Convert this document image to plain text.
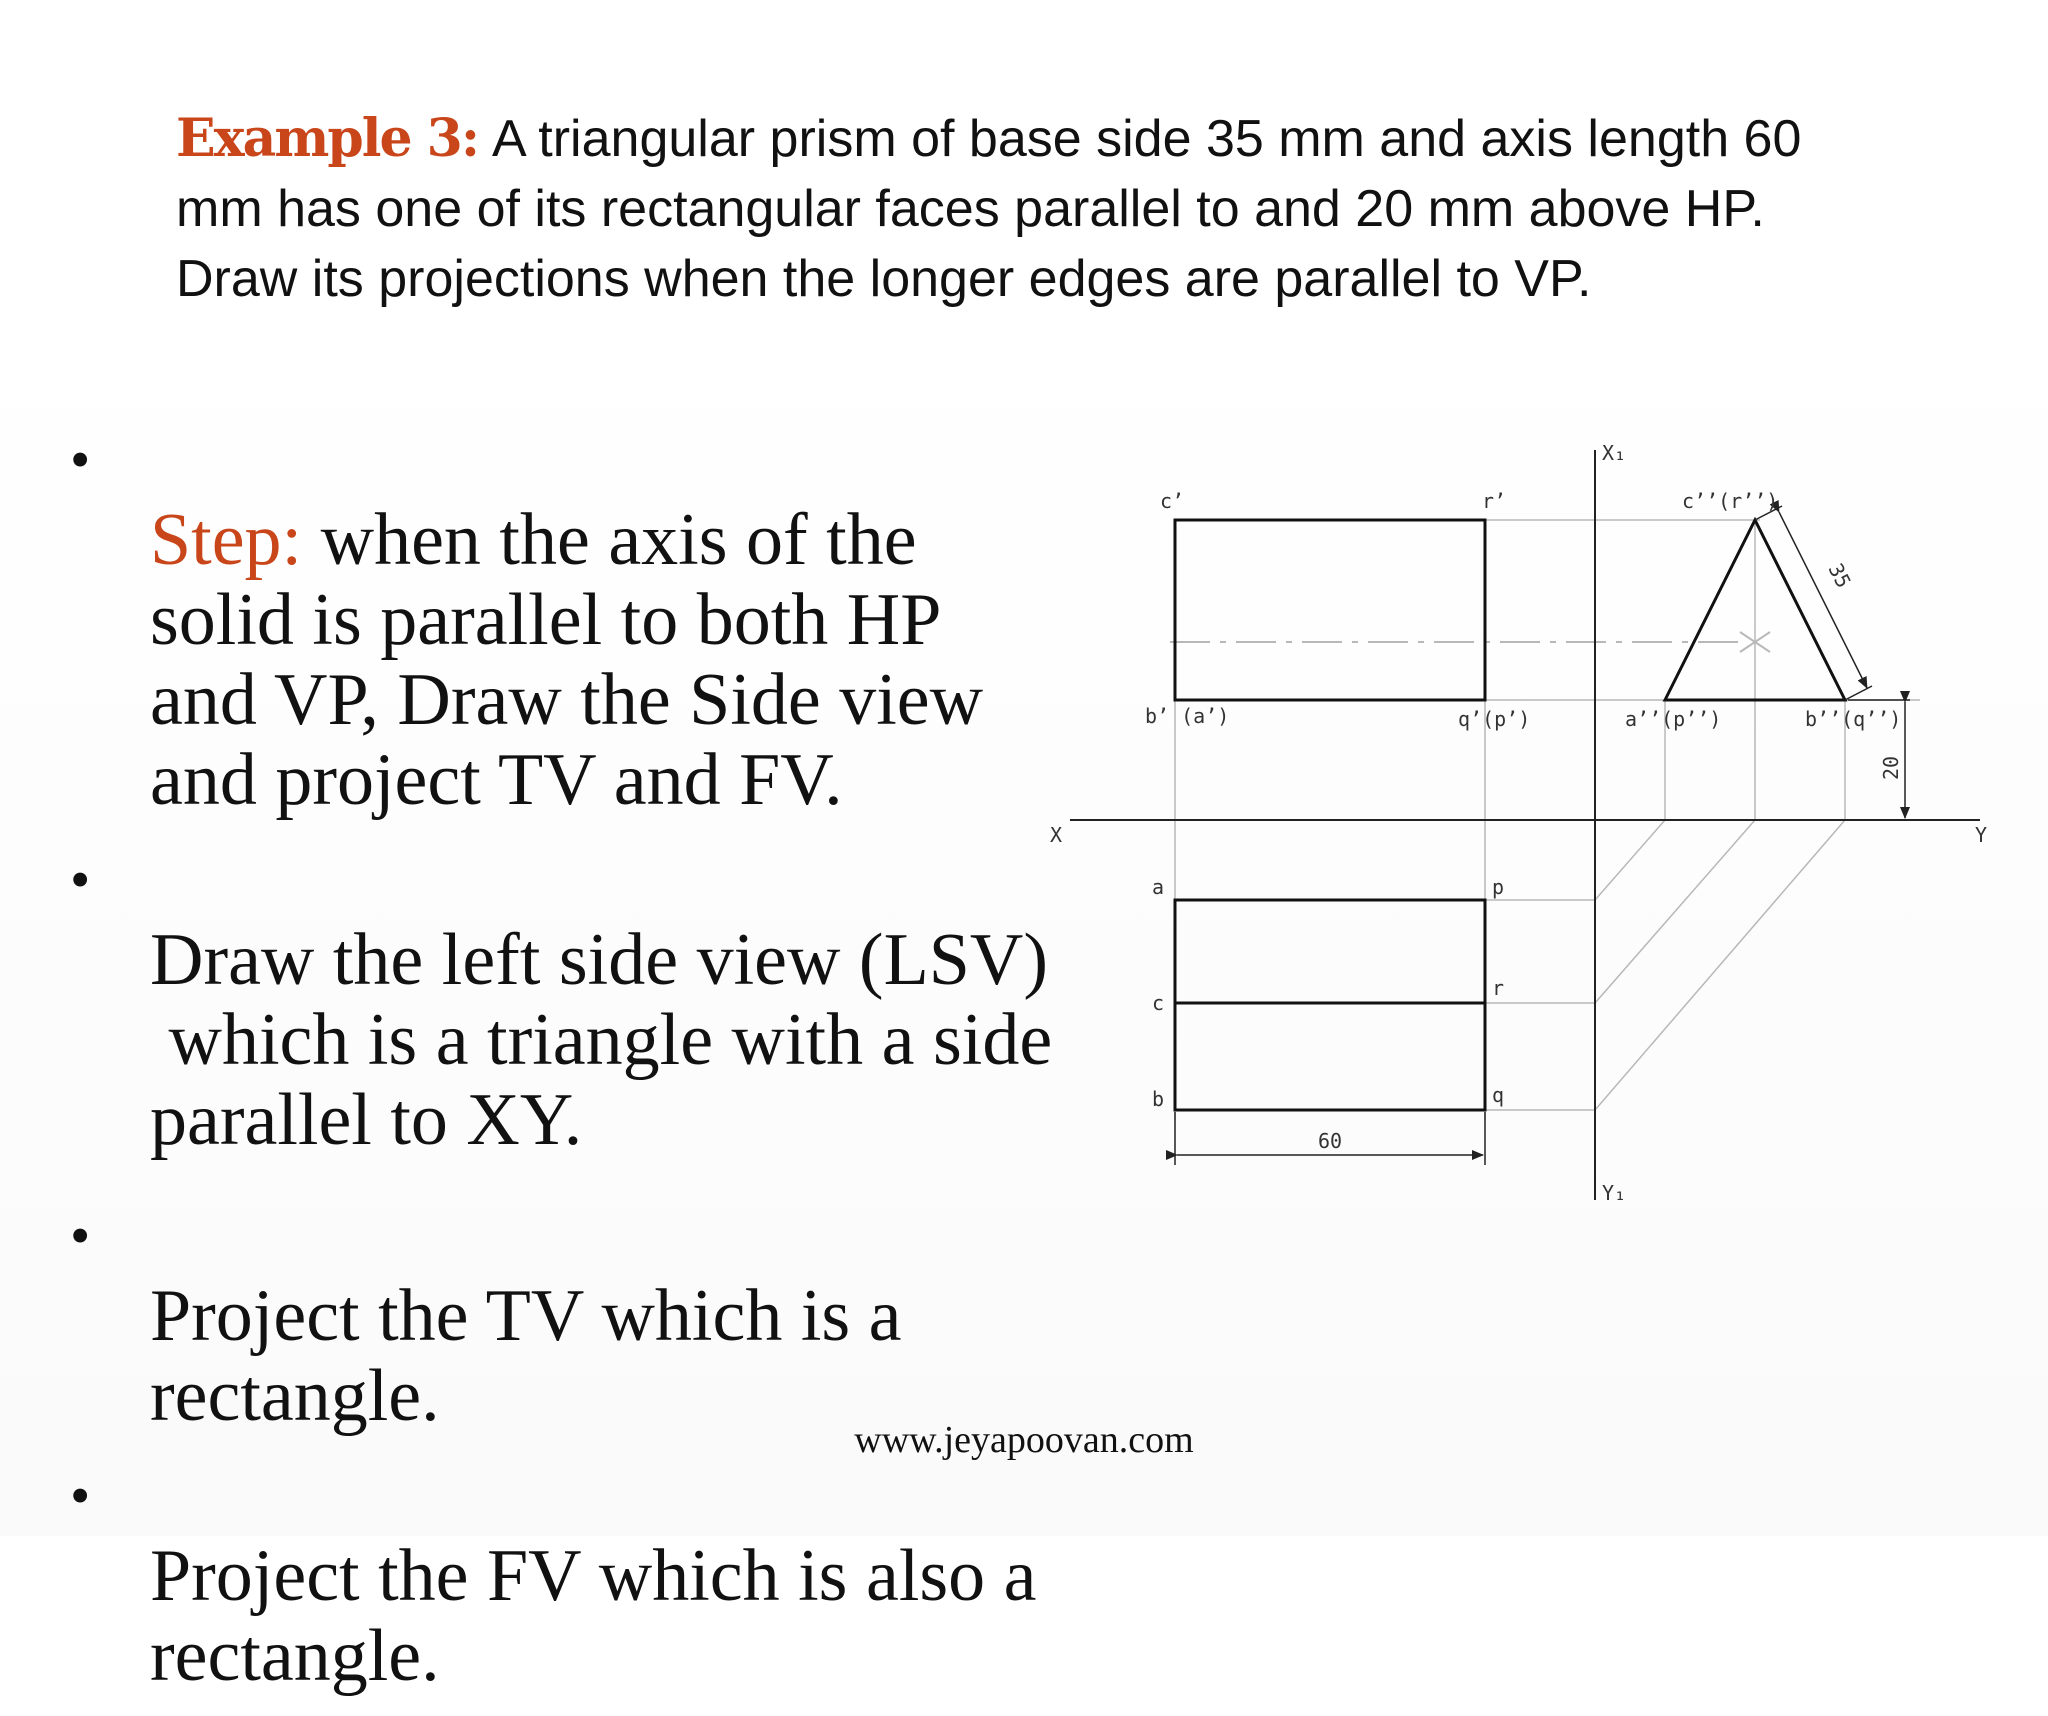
Example 3: A triangular prism of base side 35 mm and axis length 60 mm has one of its rectangular faces parallel to and 20 mm above HP. Draw its projections when the longer edges are parallel to VP.

•
Step: when the axis of the
solid is parallel to both HP
and VP, Draw the Side view
and project TV and FV.

•
Draw the left side view (LSV)
which is a triangle with a side
parallel to XY.

•
Project the TV which is a
rectangle.

•
Project the FV which is also a
rectangle.

c’	r’
X₁
c’’(r’’)
b’ (a’)	q’(p’)	a’’(p’’)	b’’(q’’)
X	Y
a	p
c
r
b	q
Y₁
60
35
20
www.jeyapoovan.com
